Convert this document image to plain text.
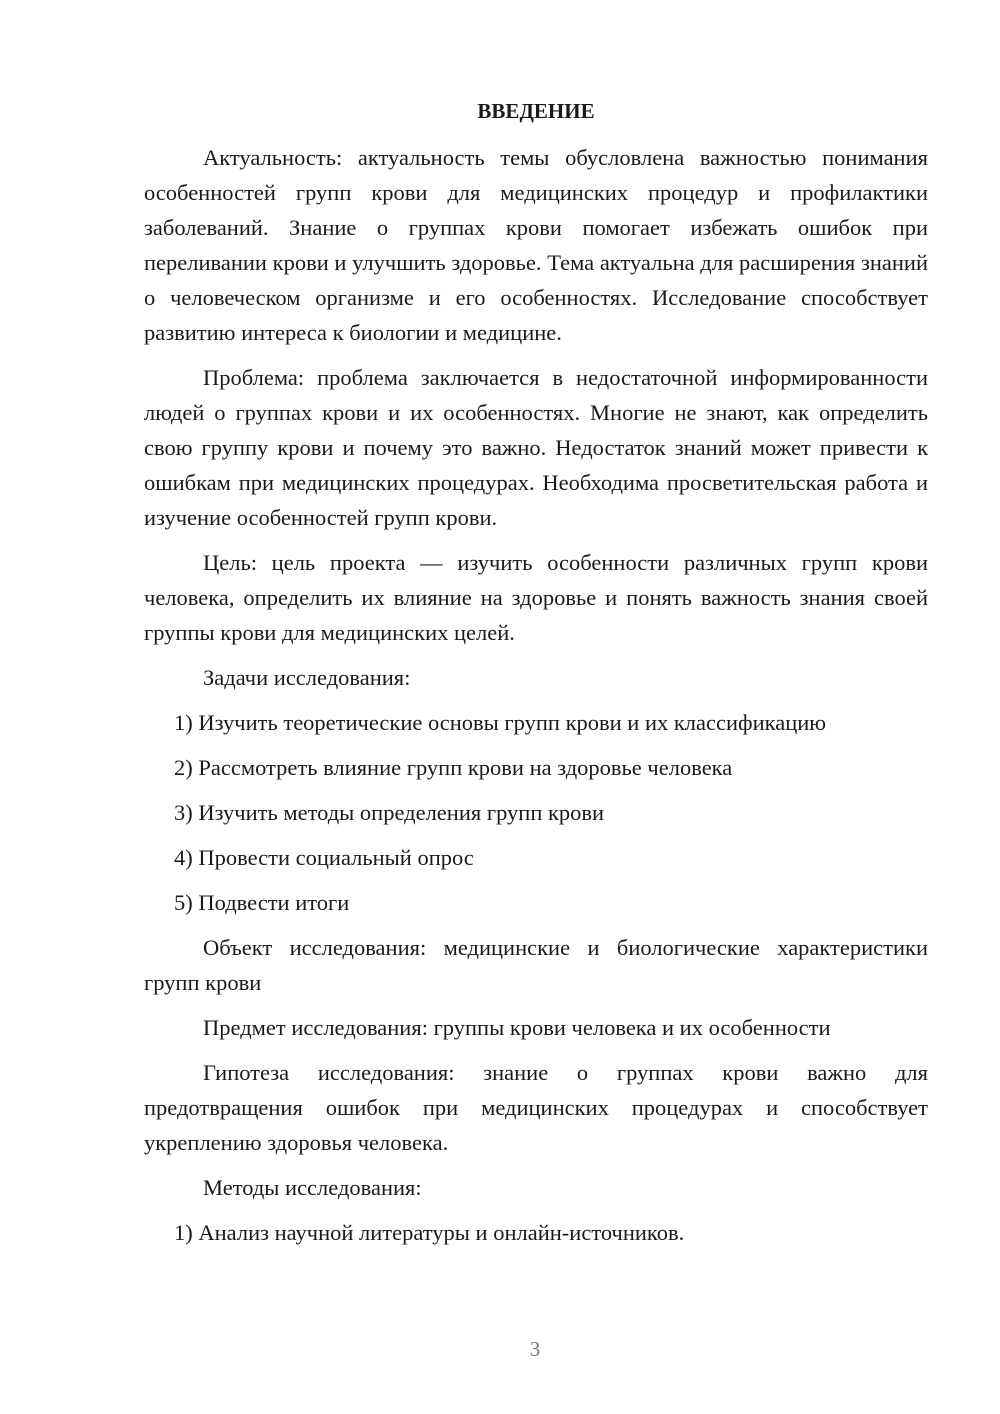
ВВЕДЕНИЕ

Актуальность: актуальность темы обусловлена важностью понимания особенностей групп крови для медицинских процедур и профилактики заболеваний. Знание о группах крови помогает избежать ошибок при переливании крови и улучшить здоровье. Тема актуальна для расширения знаний о человеческом организме и его особенностях. Исследование способствует развитию интереса к биологии и медицине.

Проблема: проблема заключается в недостаточной информированности людей о группах крови и их особенностях. Многие не знают, как определить свою группу крови и почему это важно. Недостаток знаний может привести к ошибкам при медицинских процедурах. Необходима просветительская работа и изучение особенностей групп крови.

Цель: цель проекта — изучить особенности различных групп крови человека, определить их влияние на здоровье и понять важность знания своей группы крови для медицинских целей.

Задачи исследования:

1) Изучить теоретические основы групп крови и их классификацию

2) Рассмотреть влияние групп крови на здоровье человека

3) Изучить методы определения групп крови

4) Провести социальный опрос

5) Подвести итоги

Объект исследования: медицинские и биологические характеристики групп крови

Предмет исследования: группы крови человека и их особенности

Гипотеза исследования: знание о группах крови важно для предотвращения ошибок при медицинских процедурах и способствует укреплению здоровья человека.

Методы исследования:

1) Анализ научной литературы и онлайн-источников.

3
